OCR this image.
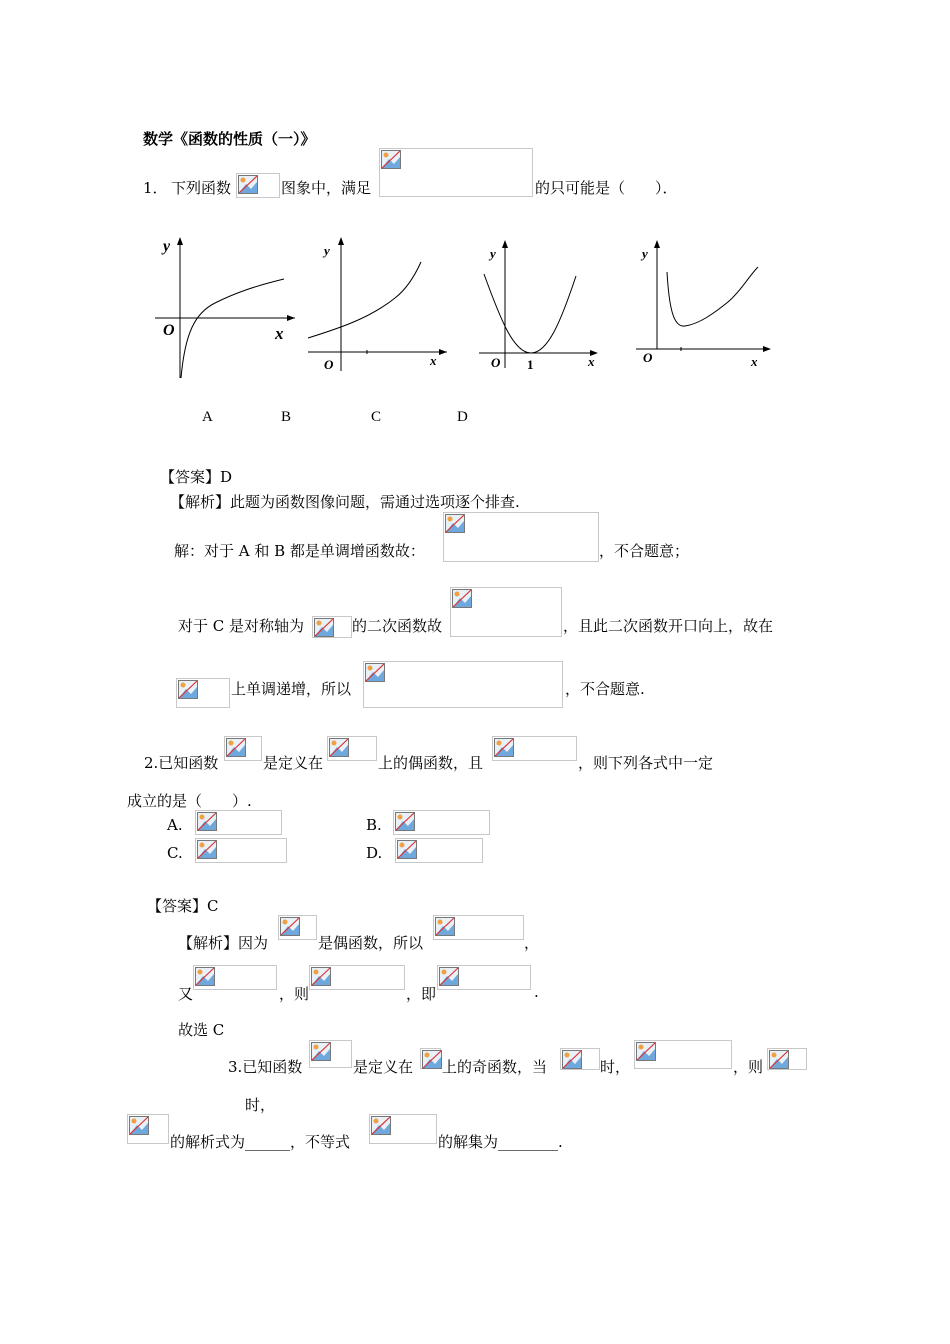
数学《函数的性质（一）》
1． 下列函数	图象中，满足	的只可能是（　　）．
y
O	x
y
O	x
y
O 1	x
y
O	x
A	B	C	D
【答案】D
【解析】此题为函数图像问题，需通过选项逐个排查.
解：对于 A 和 B 都是单调增函数故：	，不合题意；
对于 C 是对称轴为	的二次函数故	，且此二次函数开口向上，故在
上单调递增，所以	，不合题意.
2.已知函数	是定义在	上的偶函数，且	，则下列各式中一定
成立的是（　　）.
A.	B.
C.	D.
【答案】C
【解析】因为	是偶函数，所以	，
又	，则	，即	.
故选 C
3.已知函数	是定义在 上的奇函数，当	时，	，则
时，
的解析式为______，不等式	的解集为________.
